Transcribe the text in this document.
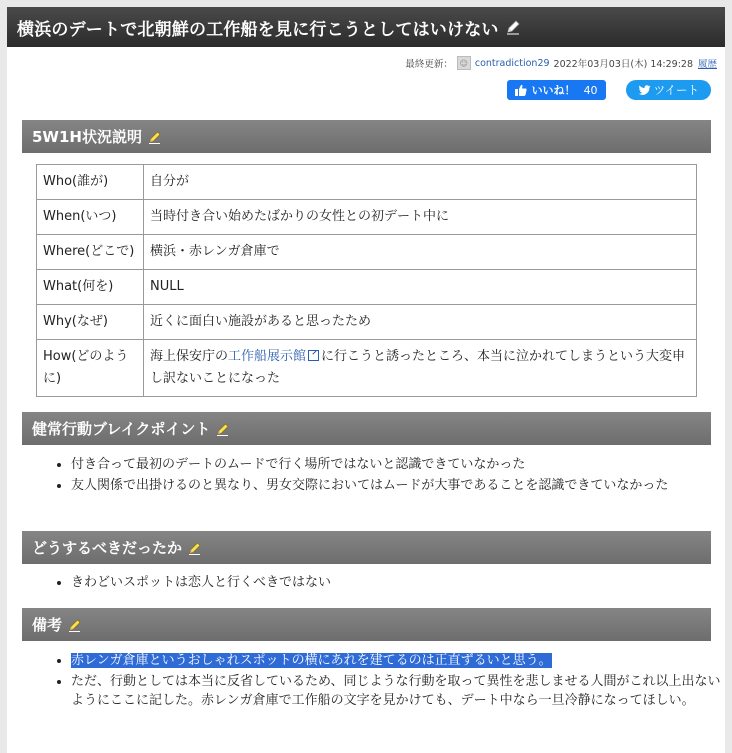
横浜のデートで北朝鮮の工作船を見に行こうとしてはいけない
最終更新： ☺ contradiction29 2022年03月03日(木) 14:29:28 履歴
いいね！ 40	ツイート
5W1H状況説明
Who(誰が)	自分が
When(いつ)	当時付き合い始めたばかりの女性との初デート中に
Where(どこで)	横浜・赤レンガ倉庫で
What(何を)	NULL
Why(なぜ)	近くに面白い施設があると思ったため
How(どのように)	海上保安庁の工作船展示館 に行こうと誘ったところ、本当に泣かれてしまうという大変申し訳ないことになった
健常行動ブレイクポイント
• 付き合って最初のデートのムードで行く場所ではないと認識できていなかった
• 友人関係で出掛けるのと異なり、男女交際においてはムードが大事であることを認識できていなかった
どうするべきだったか
• きわどいスポットは恋人と行くべきではない
備考
• 赤レンガ倉庫というおしゃれスポットの横にあれを建てるのは正直ずるいと思う。
• ただ、行動としては本当に反省しているため、同じような行動を取って異性を悲しませる人間がこれ以上出ないようにここに記した。赤レンガ倉庫で工作船の文字を見かけても、デート中なら一旦冷静になってほしい。
